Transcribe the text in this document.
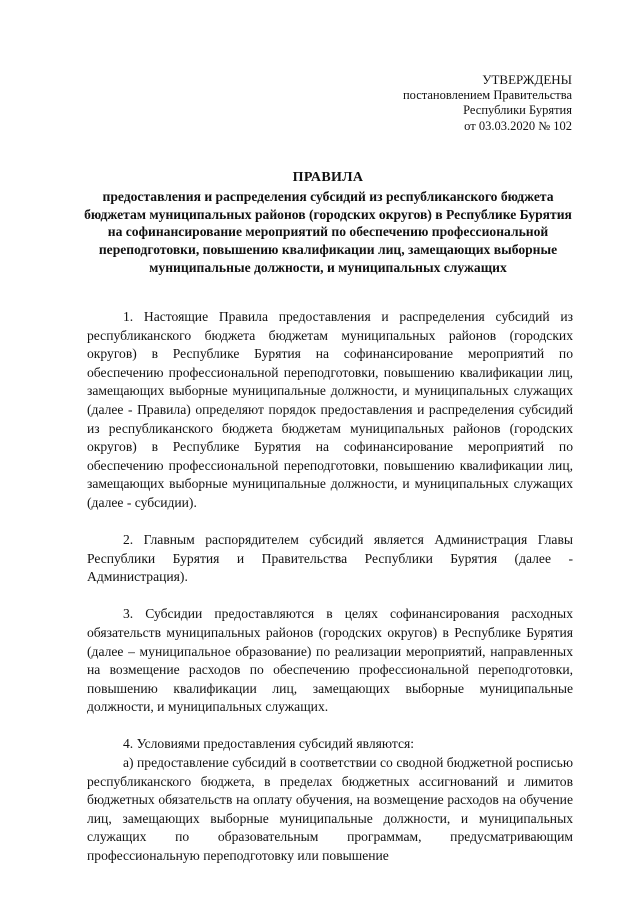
УТВЕРЖДЕНЫ
постановлением Правительства
Республики Бурятия
от 03.03.2020 № 102
ПРАВИЛА
предоставления и распределения субсидий из республиканского бюджета бюджетам муниципальных районов (городских округов) в Республике Бурятия на софинансирование мероприятий по обеспечению профессиональной переподготовки, повышению квалификации лиц, замещающих выборные муниципальные должности, и муниципальных служащих

1. Настоящие Правила предоставления и распределения субсидий из республиканского бюджета бюджетам муниципальных районов (городских округов) в Республике Бурятия на софинансирование мероприятий по обеспечению профессиональной переподготовки, повышению квалификации лиц, замещающих выборные муниципальные должности, и муниципальных служащих (далее - Правила) определяют порядок предоставления и распределения субсидий из республиканского бюджета бюджетам муниципальных районов (городских округов) в Республике Бурятия на софинансирование мероприятий по обеспечению профессиональной переподготовки, повышению квалификации лиц, замещающих выборные муниципальные должности, и муниципальных служащих (далее - субсидии).

2. Главным распорядителем субсидий является Администрация Главы Республики Бурятия и Правительства Республики Бурятия (далее - Администрация).

3. Субсидии предоставляются в целях софинансирования расходных обязательств муниципальных районов (городских округов) в Республике Бурятия (далее – муниципальное образование) по реализации мероприятий, направленных на возмещение расходов по обеспечению профессиональной переподготовки, повышению квалификации лиц, замещающих выборные муниципальные должности, и муниципальных служащих.

4. Условиями предоставления субсидий являются:

а) предоставление субсидий в соответствии со сводной бюджетной росписью республиканского бюджета, в пределах бюджетных ассигнований и лимитов бюджетных обязательств на оплату обучения, на возмещение расходов на обучение лиц, замещающих выборные муниципальные должности, и муниципальных служащих по образовательным программам, предусматривающим профессиональную переподготовку или повышение
